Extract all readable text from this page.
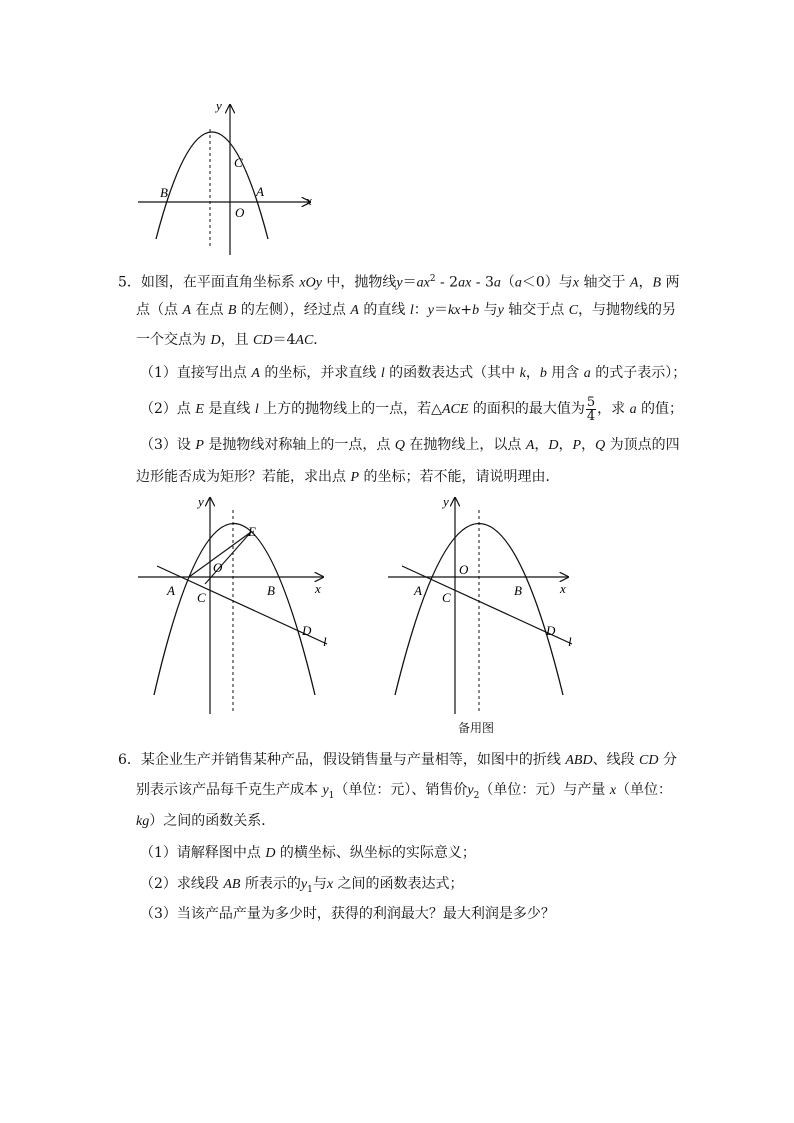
y
x
C
B	A
O
5．如图，在平面直角坐标系 xOy 中，抛物线$y=ax^2 - 2ax - 3a(a<0)$与x 轴交于 A，B 两
点（点 A 在点 B 的左侧），经过点 A 的直线 l：y＝kx+b 与y 轴交于点 C，与抛物线的另
一个交点为 D，且 CD＝4AC．
（1）直接写出点 A 的坐标，并求直线 l 的函数表达式（其中 k，b 用含 a 的式子表示）；
（2）点 E 是直线 l 上方的抛物线上的一点，若△ACE 的面积的最大值为 $\frac{5}{4}$ ，求 a 的值；
（3）设 P 是抛物线对称轴上的一点，点 Q 在抛物线上，以点 A，D，P，Q 为顶点的四
边形能否成为矩形？若能，求出点 P 的坐标；若不能，请说明理由．
y
x
E
O
A C	B
D
l
y
x
O
A C	B
D
l
备用图
6．某企业生产并销售某种产品，假设销售量与产量相等，如图中的折线 ABD、线段 CD 分
别表示该产品每千克生产成本 $y_1$（单位：元）、销售价$y_2$（单位：元）与产量 x（单位：
kg）之间的函数关系．
（1）请解释图中点 D 的横坐标、纵坐标的实际意义；
（2）求线段 AB 所表示的$y_1$与x 之间的函数表达式；
（3）当该产品产量为多少时，获得的利润最大？最大利润是多少？
